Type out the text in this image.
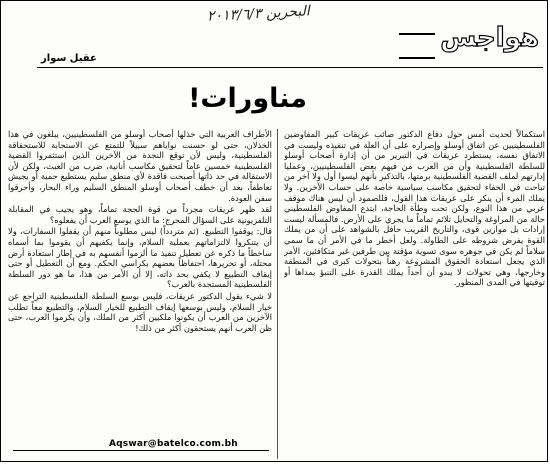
البحرين ٢٠١٣/٦/٣
هواجس
عقيل سوار
مناورات!

استكمالاً لحديث أمس حول دفاع الدكتور صائب عريقات كبير المفاوضين الفلسطينيين عن اتفاق أوسلو وإصراره على أن العلة في تنفيذه وليست في الاتفاق نفسه، يستطرد عريقات في التبرير من أن إدارة أصحاب أوسلو للسلطة الفلسطينية وأن من العرب من فيهم بعض الفلسطينيين، وعمليا إدارتهم لملف القضية الفلسطينية برمتها، بالتذكير بأنهم ليسوا أول ولا آخر من تباحث في الخفاء لتحقيق مكاسب سياسية خاصة على حساب الآخرين. ولا يملك المرء أن ينكر على عريقات هذا القول، فللصمود أن ليس هناك موقف عربي من هذا النوع، ولكن تحت وطأة الحاجة، ابتدع المفاوض الفلسطيني حالة من المراوغة والتحايل تلائم تماماً ما يجري على الأرض. فالمسألة ليست إرادات بل موازين قوى، والتاريخ القريب حافل بالشواهد على أن من يملك القوة يفرض شروطه على الطاولة. ولعل أخطر ما في الأمر أن ما سمي سلاماً لم يكن في جوهره سوى تسوية مؤقتة بين طرفين غير متكافئين، الأمر الذي يجعل استعادة الحقوق المشروعة رهناً بتحولات كبرى في المنطقة وخارجها، وهي تحولات لا يبدو أن أحداً يملك القدرة على التنبؤ بمداها أو توقيتها في المدى المنظور.

الأطراف العربية التي خذلها أصحاب أوسلو من الفلسطينيين، يبلغون في هذا الخذلان، حتى لو حسنت نواياهم سبيلاً للتمتع عن الاستجابة للاستحقاقة الفلسطينية، وليس لأن توقع النجدة من الآخرين الذين استثمروا القضية الفلسطينية خمسين عاماً لتحقيق مكاسب أنانية، ضرب من العبث، ولكن لأن الاستقالة في حد ذاتها أصبحت فاقدة لأي منطق سليم يستطيع حمية أو يجيش تعاطفاً، بعد أن خطف أصحاب أوسلو المنطق السليم وراء البحار، وأحرقوا سفن العودة.

لقد ظهر عريقات مجرداً من قوة الحجة تماماً، وهو يجيب في المقابلة التلفزيونية على السؤال المحرج: ما الذي يوسع العرب أن يفعلوه؟

قال: يوقفوا التطبيع. (ثم متردداً) ليس مطلوباً منهم أن يقفلوا السفارات، ولا أن يتنكروا لالتزاماتهم بعملية السلام، وإنما يكفيهم أن يقوموا بما أسماه ساخطاً ما ذكره عن تعطيل تنفيذ ما ألزموا أنفسهم به في إطار استعادة أرض محتلة، أو تحريرها، احتفاظاً بعضهم بكراسي الحكم. ومع أن التعطيل أو حتى إيقاف التطبيع لا يكفي بحد ذاته، إلا أن الأمر من هذا، ما هو دور السلطة الفلسطينية المستجدة بالعرب؟

لا شيء يقول الدكتور عريقات، فليس بوسع السلطة الفلسطينية التراجع عن خيار السلام، وليس بوسعها إيقاف التطبيع للخيار السلام، والتطبيع معاً تطلب الآخرين من العرب أن يكونوا ملكيين أكثر من الملك، وأن يكرموا العرب، حتى ظن العرب أنهم يستحقون أكثر من ذلك!

Aqswar@batelco.com.bh
